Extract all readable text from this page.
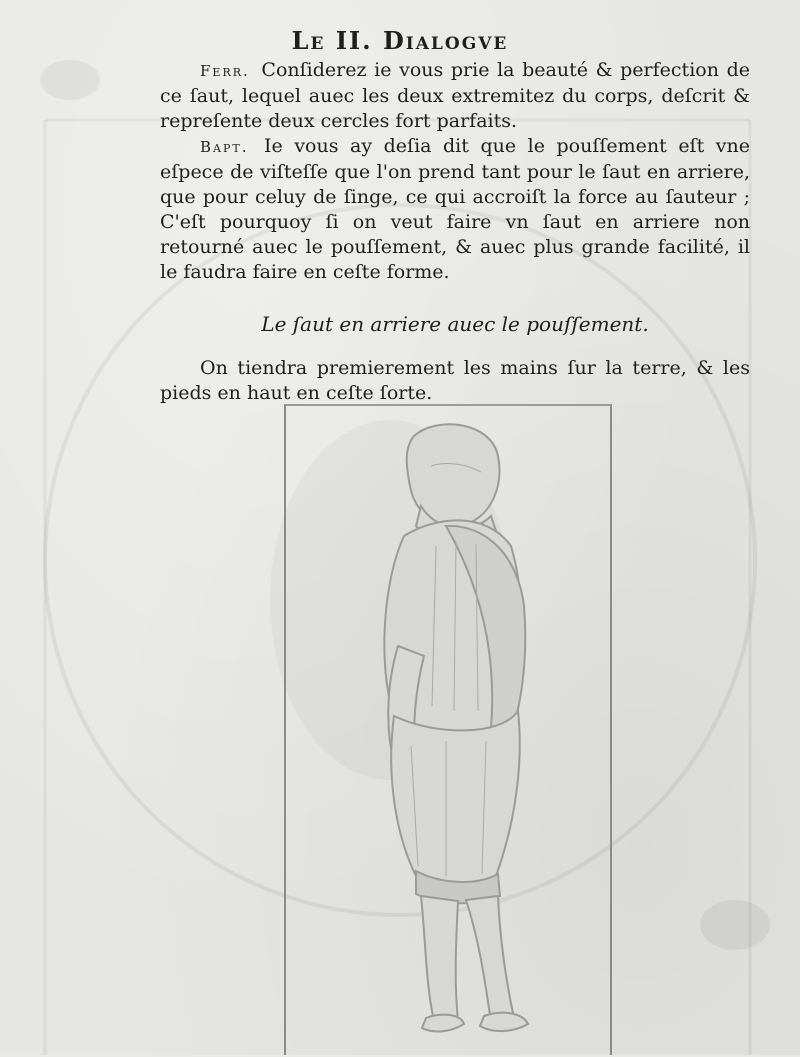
Le II. Dialogve

Ferr. Conſiderez ie vous prie la beauté & perfection de ce ſaut, lequel auec les deux extremitez du corps, deſcrit & repreſente deux cercles fort parfaits.

Bapt. Ie vous ay deſia dit que le pouſſement eſt vne eſpece de viſteſſe que l'on prend tant pour le ſaut en arriere, que pour celuy de ſinge, ce qui accroiſt la force au ſauteur ; C'eſt pourquoy ſi on veut faire vn ſaut en arriere non retourné auec le pouſſement, & auec plus grande facilité, il le faudra faire en ceſte forme.

Le ſaut en arriere auec le pouſſement.

On tiendra premierement les mains ſur la terre, & les pieds en haut en ceſte ſorte.
